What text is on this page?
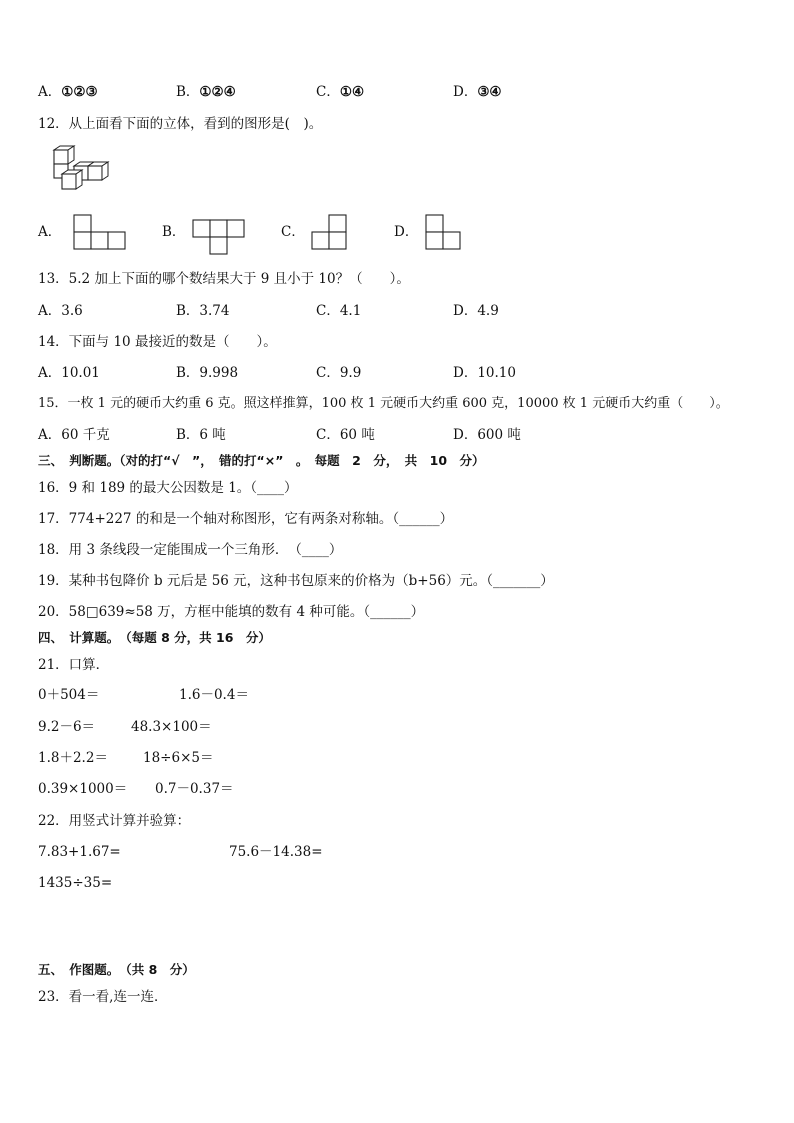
A．①②③	B．①②④	C．①④	D．③④
12．从上面看下面的立体，看到的图形是(　)。
A．	B．	C．	D．
13．5.2 加上下面的哪个数结果大于 9 且小于 10？（　　）。
A．3.6	B．3.74	C．4.1	D．4.9
14．下面与 10 最接近的数是（　　）。
A．10.01	B．9.998	C．9.9	D．10.10
15．一枚 1 元的硬币大约重 6 克。照这样推算，100 枚 1 元硬币大约重 600 克，10000 枚 1 元硬币大约重（　　）。
A．60 千克	B．6 吨	C．60 吨	D．600 吨
三、　判断题。（对的打“√　”，　错的打“×”　。　每题　2　分，　共　10　分）
16．9 和 189 的最大公因数是 1。（____）
17．774+227 的和是一个轴对称图形，它有两条对称轴。（______）
18．用 3 条线段一定能围成一个三角形．　（____）
19．某种书包降价 b 元后是 56 元，这种书包原来的价格为（b+56）元。（_______）
20．58□639≈58 万，方框中能填的数有 4 种可能。（______）
四、　计算题。　（每题 8 分，共 16　分）
21．口算．
0＋504＝	1.6－0.4＝
9.2－6＝	48.3×100＝
1.8＋2.2＝	18÷6×5＝
0.39×1000＝ 0.7－0.37＝
22．用竖式计算并验算：
7.83+1.67=	75.6－14.38=
1435÷35=
五、　作图题。　（共 8　分）
23．看一看,连一连．
